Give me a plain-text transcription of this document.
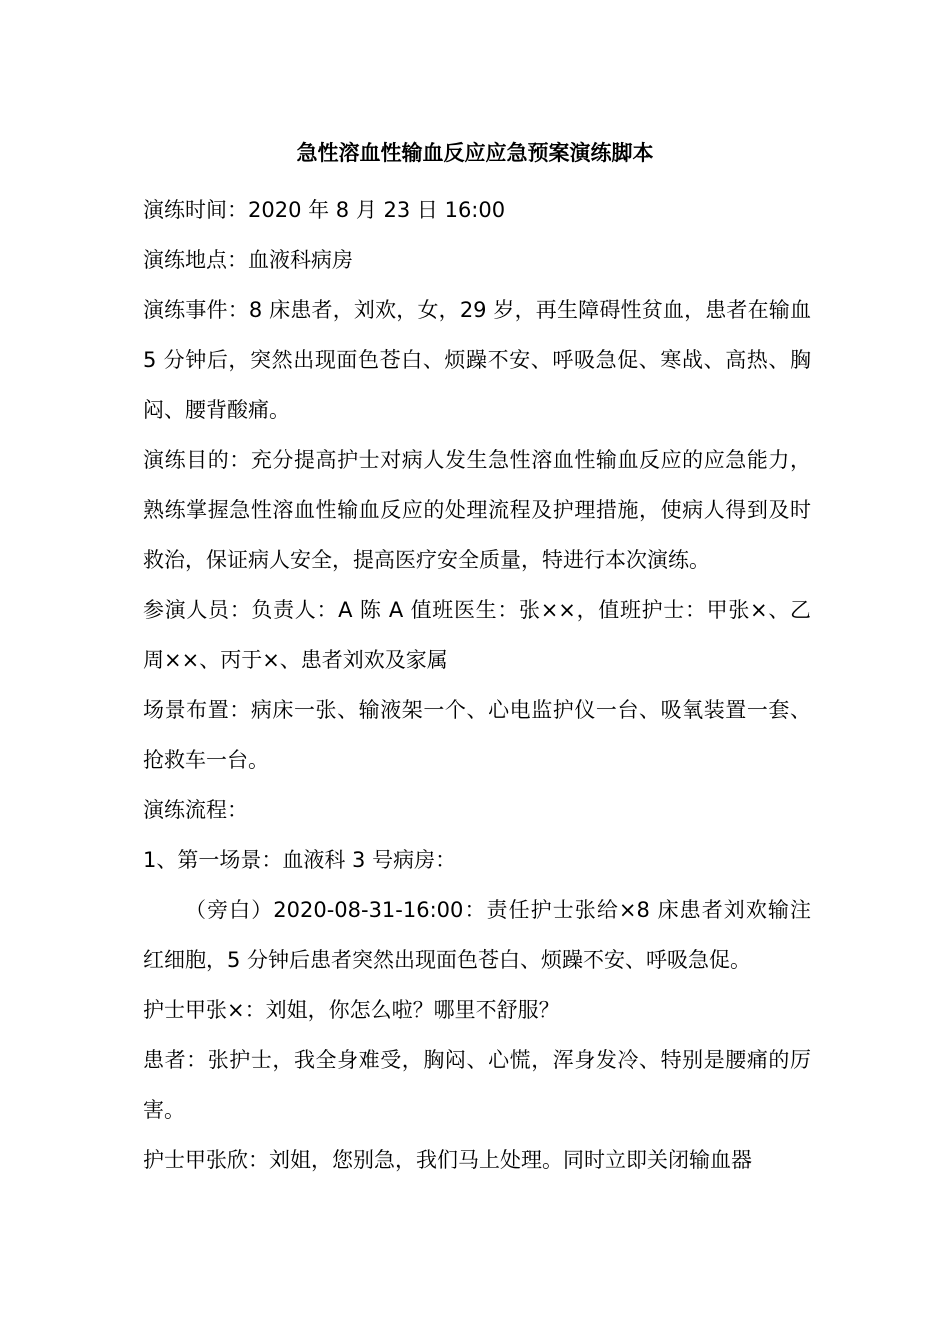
急性溶血性输血反应应急预案演练脚本

演练时间：2020 年 8 月 23 日 16:00

演练地点：血液科病房

演练事件：8 床患者，刘欢，女，29 岁，再生障碍性贫血，患者在输血 5 分钟后，突然出现面色苍白、烦躁不安、呼吸急促、寒战、高热、胸闷、腰背酸痛。

演练目的：充分提高护士对病人发生急性溶血性输血反应的应急能力，熟练掌握急性溶血性输血反应的处理流程及护理措施，使病人得到及时救治，保证病人安全，提高医疗安全质量，特进行本次演练。

参演人员：负责人：A 陈 A 值班医生：张××，值班护士：甲张×、乙周××、丙于×、患者刘欢及家属

场景布置：病床一张、输液架一个、心电监护仪一台、吸氧装置一套、抢救车一台。

演练流程：

1、第一场景：血液科 3 号病房：

（旁白）2020-08-31-16:00：责任护士张给×8 床患者刘欢输注红细胞，5 分钟后患者突然出现面色苍白、烦躁不安、呼吸急促。

护士甲张×：刘姐，你怎么啦？哪里不舒服？

患者：张护士，我全身难受，胸闷、心慌，浑身发冷、特别是腰痛的厉害。

护士甲张欣：刘姐，您别急，我们马上处理。同时立即关闭输血器
